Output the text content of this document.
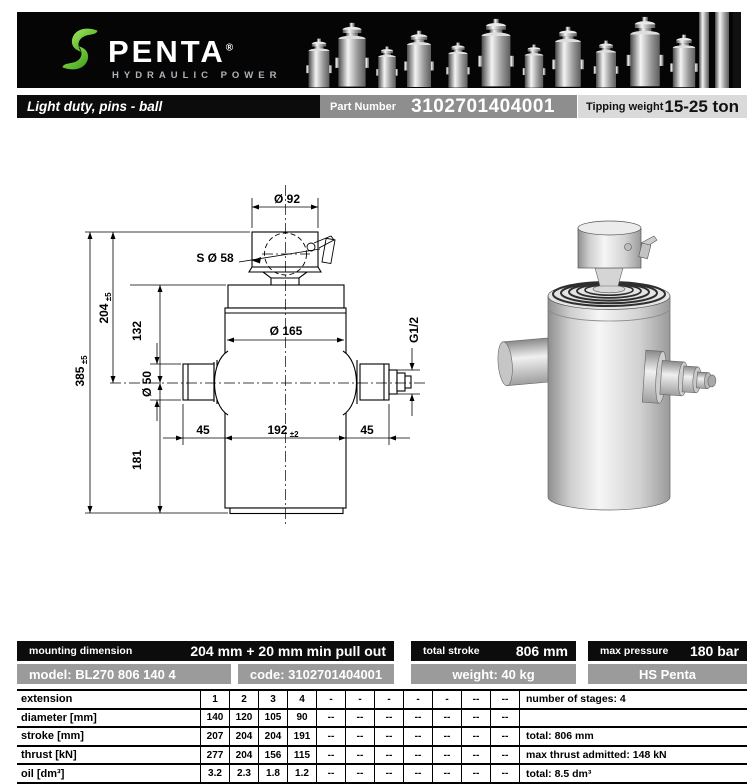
PENTA®
HYDRAULIC POWER
Light duty, pins - ball	Part Number 3102701404001	Tipping weight 15-25 ton
Ø 92
S Ø 58
Ø 165	G1/2
Ø 50
385 $_{\pm 5}$
204 $_{\pm 5}$
132
181
45	192 $_{\pm 2}$	45
mounting dimension	204 mm + 20 mm min pull out	total stroke	806 mm	max pressure 180 bar
model: BL270 806 140 4	code: 3102701404001	weight: 40 kg	HS Penta
extension	1	2	3	4	-	-	-	-	-	--	--	number of stages: 4
diameter [mm]	140	120	105	90	--	--	--	--	--	--	--
stroke [mm]	207	204	204	191	--	--	--	--	--	--	--	total: 806 mm
thrust [kN]	277	204	156	115	--	--	--	--	--	--	--	max thrust admitted: 148 kN
oil [dm³]	3.2	2.3	1.8	1.2	--	--	--	--	--	--	--	total: 8.5 dm³
